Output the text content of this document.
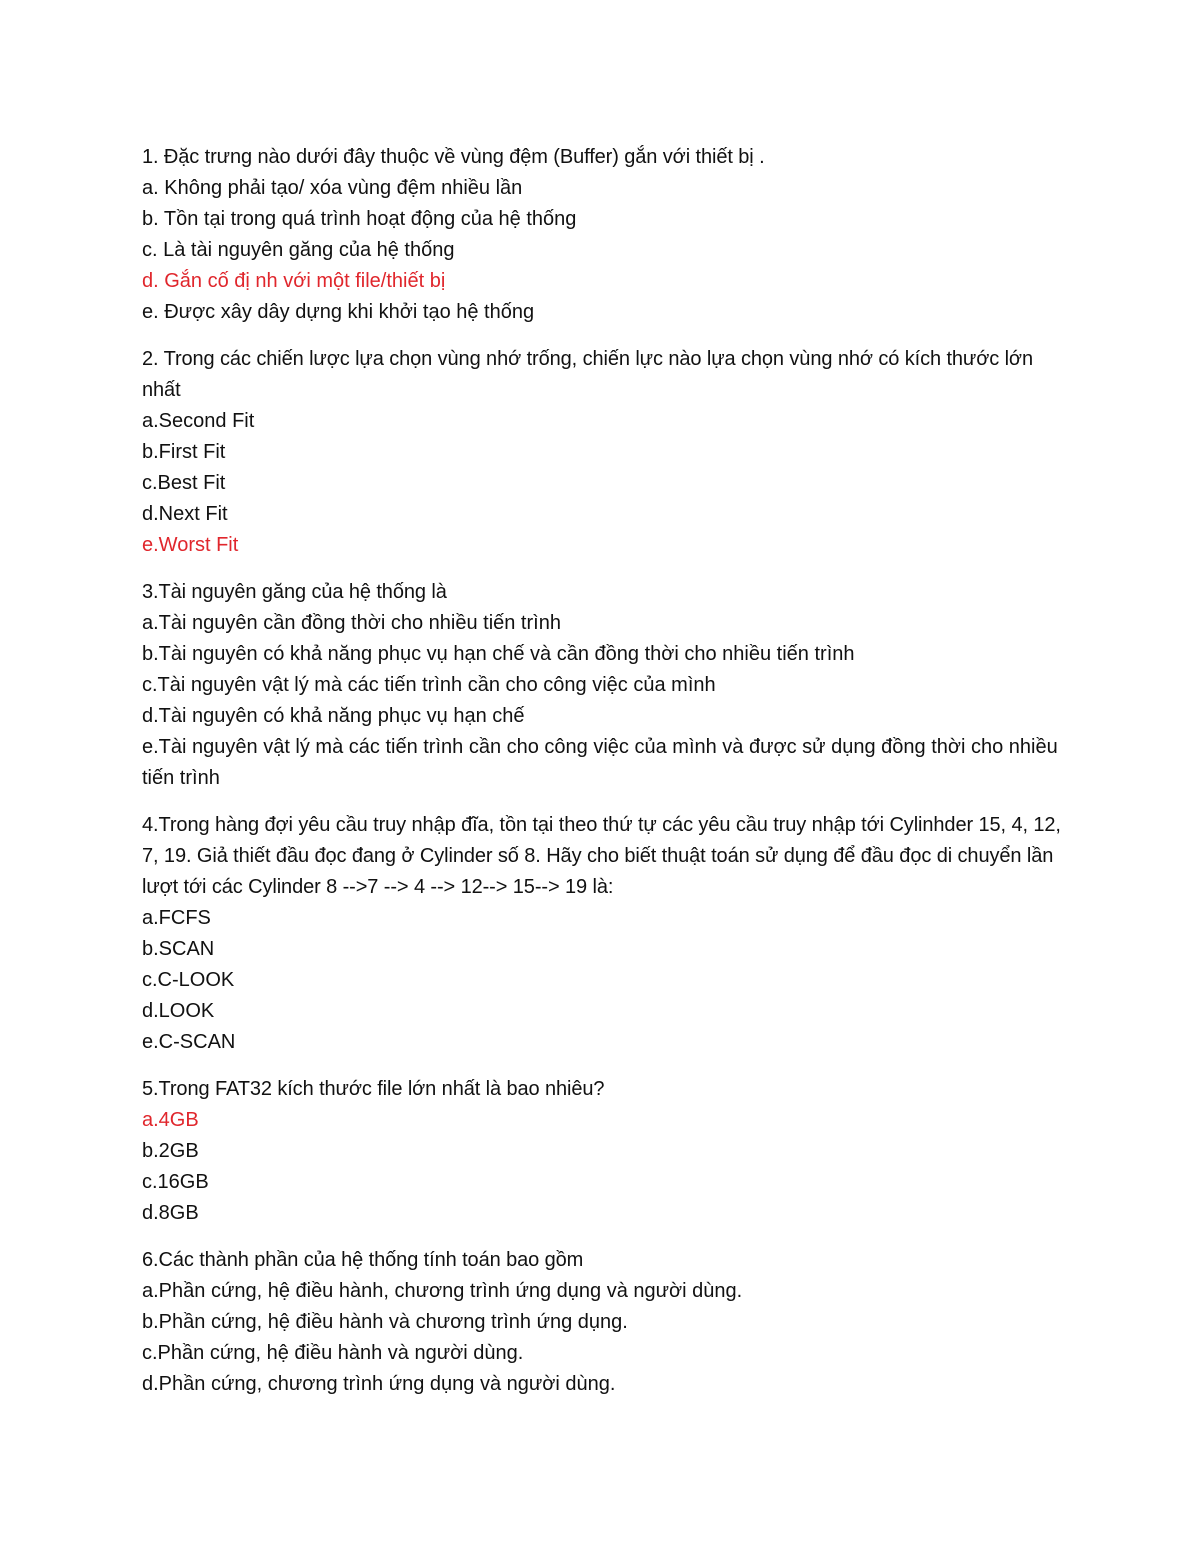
1. Đặc trưng nào dưới đây thuộc về vùng đệm (Buffer) gắn với thiết bị .

a. Không phải tạo/ xóa vùng đệm nhiều lần

b. Tồn tại trong quá trình hoạt động của hệ thống

c. Là tài nguyên găng của hệ thống

d. Gắn cố đị nh với một file/thiết bị

e. Được xây dây dựng khi khởi tạo hệ thống

2. Trong các chiến lược lựa chọn vùng nhớ trống, chiến lực nào lựa chọn vùng nhớ có kích thước lớn nhất

a.Second Fit

b.First Fit

c.Best Fit

d.Next Fit

e.Worst Fit

3.Tài nguyên găng của hệ thống là

a.Tài nguyên cần đồng thời cho nhiều tiến trình

b.Tài nguyên có khả năng phục vụ hạn chế và cần đồng thời cho nhiều tiến trình

c.Tài nguyên vật lý mà các tiến trình cần cho công việc của mình

d.Tài nguyên có khả năng phục vụ hạn chế

e.Tài nguyên vật lý mà các tiến trình cần cho công việc của mình và được sử dụng đồng thời cho nhiều tiến trình

4.Trong hàng đợi yêu cầu truy nhập đĩa, tồn tại theo thứ tự các yêu cầu truy nhập tới Cylinhder 15, 4, 12, 7, 19. Giả thiết đầu đọc đang ở Cylinder số 8. Hãy cho biết thuật toán sử dụng để đầu đọc di chuyển lần lượt tới các Cylinder 8 -->7 --> 4 --> 12--> 15--> 19 là:

a.FCFS

b.SCAN

c.C-LOOK

d.LOOK

e.C-SCAN

5.Trong FAT32 kích thước file lớn nhất là bao nhiêu?

a.4GB

b.2GB

c.16GB

d.8GB

6.Các thành phần của hệ thống tính toán bao gồm

a.Phần cứng, hệ điều hành, chương trình ứng dụng và người dùng.

b.Phần cứng, hệ điều hành và chương trình ứng dụng.

c.Phần cứng, hệ điều hành và người dùng.

d.Phần cứng, chương trình ứng dụng và người dùng.
